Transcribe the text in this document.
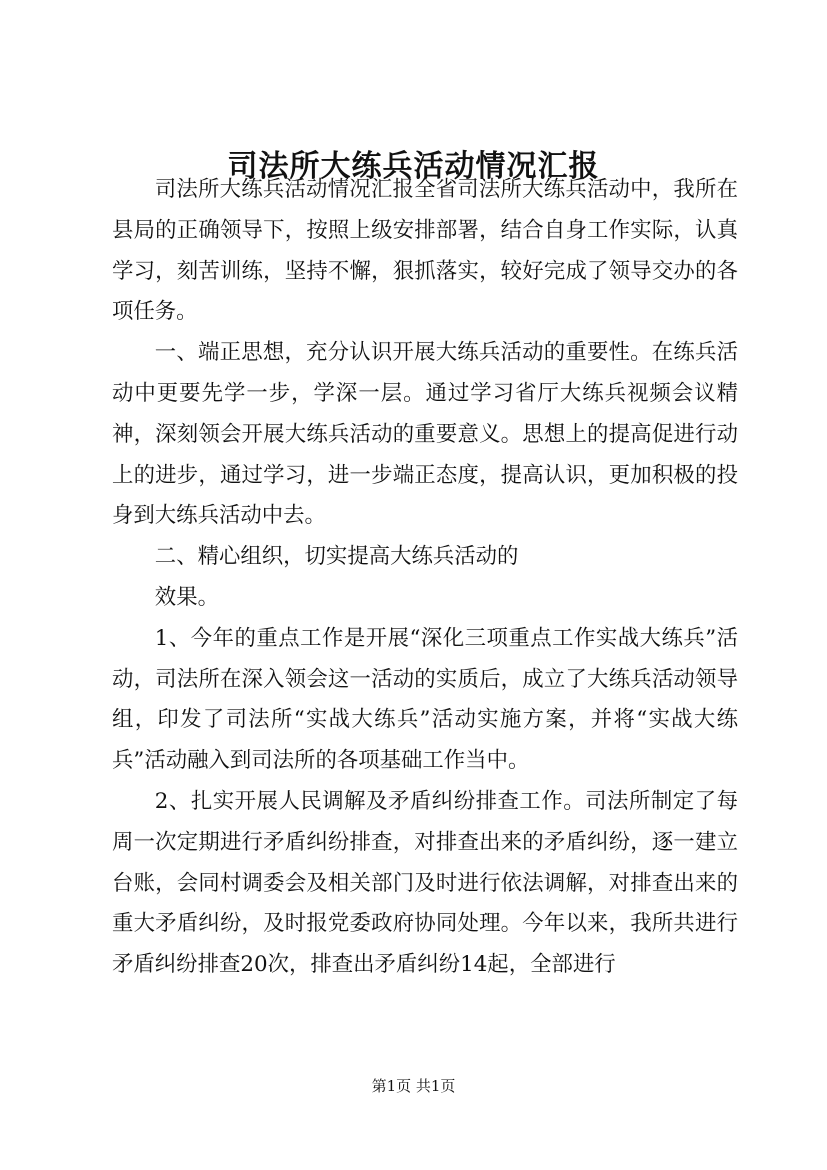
司法所大练兵活动情况汇报

司法所大练兵活动情况汇报全省司法所大练兵活动中，我所在县局的正确领导下，按照上级安排部署，结合自身工作实际，认真学习，刻苦训练，坚持不懈，狠抓落实，较好完成了领导交办的各项任务。

一、端正思想，充分认识开展大练兵活动的重要性。在练兵活动中更要先学一步，学深一层。通过学习省厅大练兵视频会议精神，深刻领会开展大练兵活动的重要意义。思想上的提高促进行动上的进步，通过学习，进一步端正态度，提高认识，更加积极的投身到大练兵活动中去。

二、精心组织，切实提高大练兵活动的

效果。

1、今年的重点工作是开展“深化三项重点工作实战大练兵”活动，司法所在深入领会这一活动的实质后，成立了大练兵活动领导组，印发了司法所“实战大练兵”活动实施方案，并将“实战大练兵”活动融入到司法所的各项基础工作当中。

2、扎实开展人民调解及矛盾纠纷排查工作。司法所制定了每周一次定期进行矛盾纠纷排查，对排查出来的矛盾纠纷，逐一建立台账，会同村调委会及相关部门及时进行依法调解，对排查出来的重大矛盾纠纷，及时报党委政府协同处理。今年以来，我所共进行矛盾纠纷排查20次，排查出矛盾纠纷14起，全部进行

第1页 共1页
